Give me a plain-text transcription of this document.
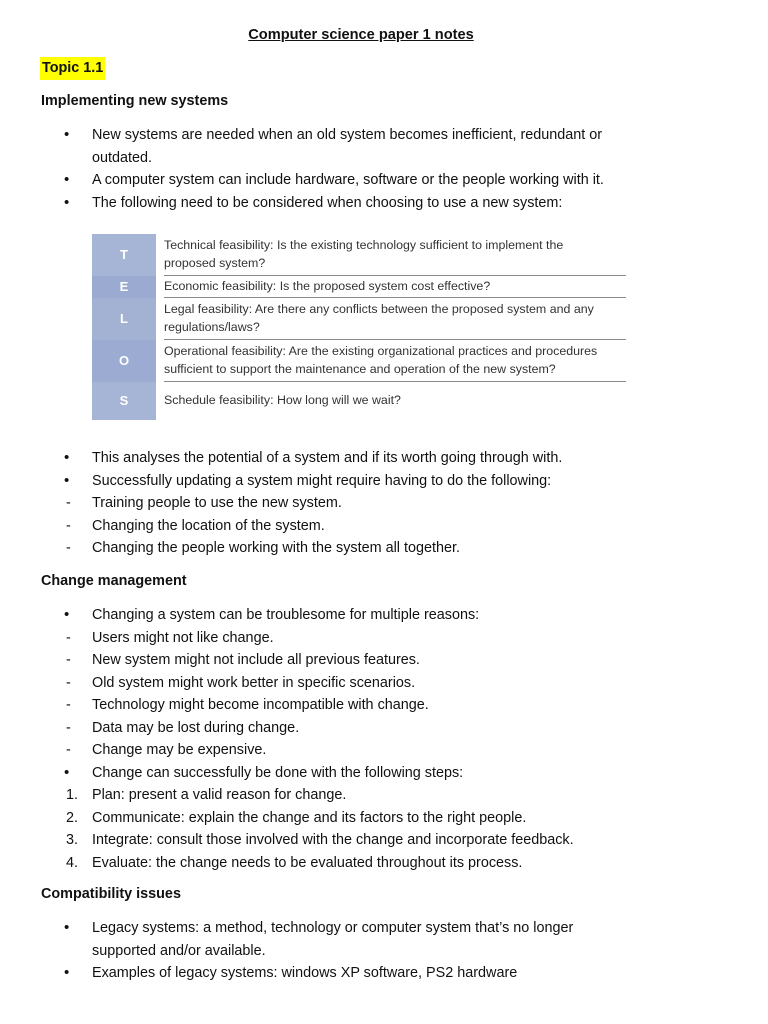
Computer science paper 1 notes
Topic 1.1
Implementing new systems
• New systems are needed when an old system becomes inefficient, redundant or outdated.
• A computer system can include hardware, software or the people working with it.
• The following need to be considered when choosing to use a new system:
T
Technical feasibility: Is the existing technology sufficient to implement the proposed system?
E	Economic feasibility: Is the proposed system cost effective?
L
Legal feasibility: Are there any conflicts between the proposed system and any regulations/laws?
O
Operational feasibility: Are the existing organizational practices and procedures sufficient to support the maintenance and operation of the new system?
S	Schedule feasibility: How long will we wait?
• This analyses the potential of a system and if its worth going through with.
• Successfully updating a system might require having to do the following:
- Training people to use the new system.
- Changing the location of the system.
- Changing the people working with the system all together.
Change management
• Changing a system can be troublesome for multiple reasons:
- Users might not like change.
- New system might not include all previous features.
- Old system might work better in specific scenarios.
- Technology might become incompatible with change.
- Data may be lost during change.
- Change may be expensive.
• Change can successfully be done with the following steps:
1. Plan: present a valid reason for change.
2. Communicate: explain the change and its factors to the right people.
3. Integrate: consult those involved with the change and incorporate feedback.
4. Evaluate: the change needs to be evaluated throughout its process.
Compatibility issues
• Legacy systems: a method, technology or computer system that’s no longer supported and/or available.
• Examples of legacy systems: windows XP software, PS2 hardware
